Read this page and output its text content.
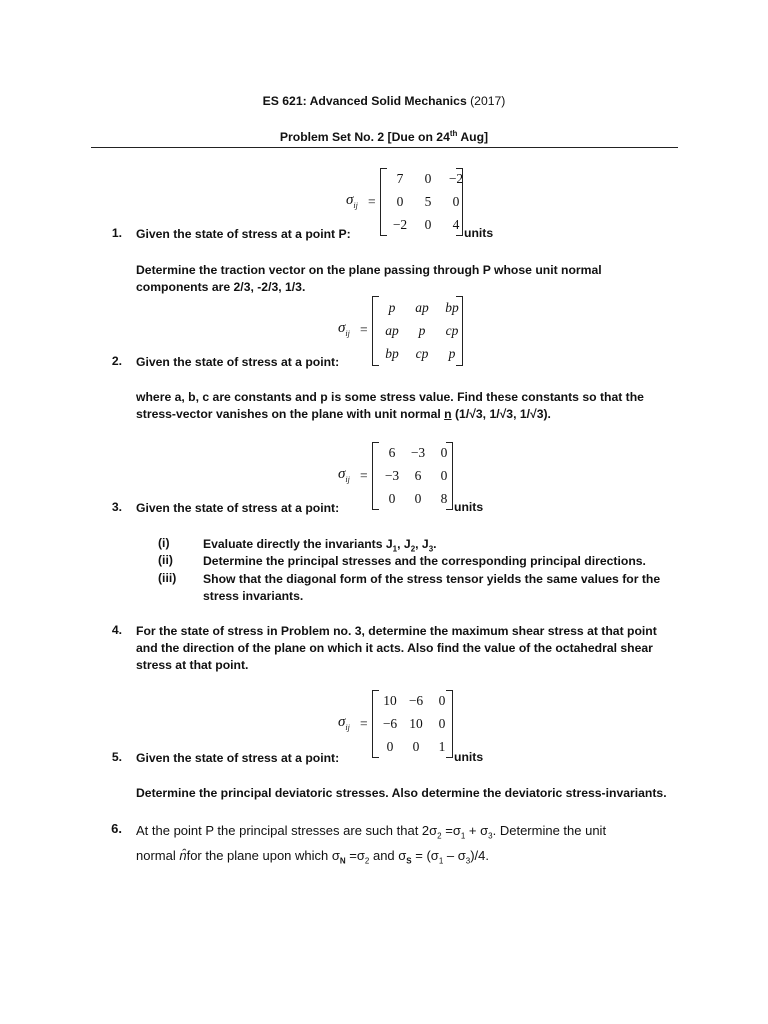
ES 621: Advanced Solid Mechanics (2017)
Problem Set No. 2 [Due on 24th Aug]
$\sigma_{ij}$ =
7	0	−2
0	5	0
−2	0	4
1. Given the state of stress at a point P:	units
Determine the traction vector on the plane passing through P whose unit normal components are 2/3, -2/3, 1/3.
$\sigma_{ij}$ =
p	ap	bp
ap	p	cp
bp	cp	p
2. Given the state of stress at a point:
where a, b, c are constants and p is some stress value. Find these constants so that the stress-vector vanishes on the plane with unit normal n (1/√3, 1/√3, 1/√3).
$\sigma_{ij}$ =
6	−3	0
−3	6	0
0	0	8
3. Given the state of stress at a point:	units
(i)	Evaluate directly the invariants $J_1$, $J_2$, $J_3$.
(ii) Determine the principal stresses and the corresponding principal directions.
(iii) Show that the diagonal form of the stress tensor yields the same values for the stress invariants.
4. For the state of stress in Problem no. 3, determine the maximum shear stress at that point and the direction of the plane on which it acts. Also find the value of the octahedral shear stress at that point.
$\sigma_{ij}$ =
10 −6	0
−6 10	0
0	0	1
5. Given the state of stress at a point:	units
Determine the principal deviatoric stresses. Also determine the deviatoric stress-invariants.
6. At the point P the principal stresses are such that $2\sigma_2 =\sigma_1 + \sigma_3$. Determine the unit
normal n̂for the plane upon which $\sigma_N =\sigma_2$ and $\sigma_S = (\sigma_1 - \sigma_3)/4$.
